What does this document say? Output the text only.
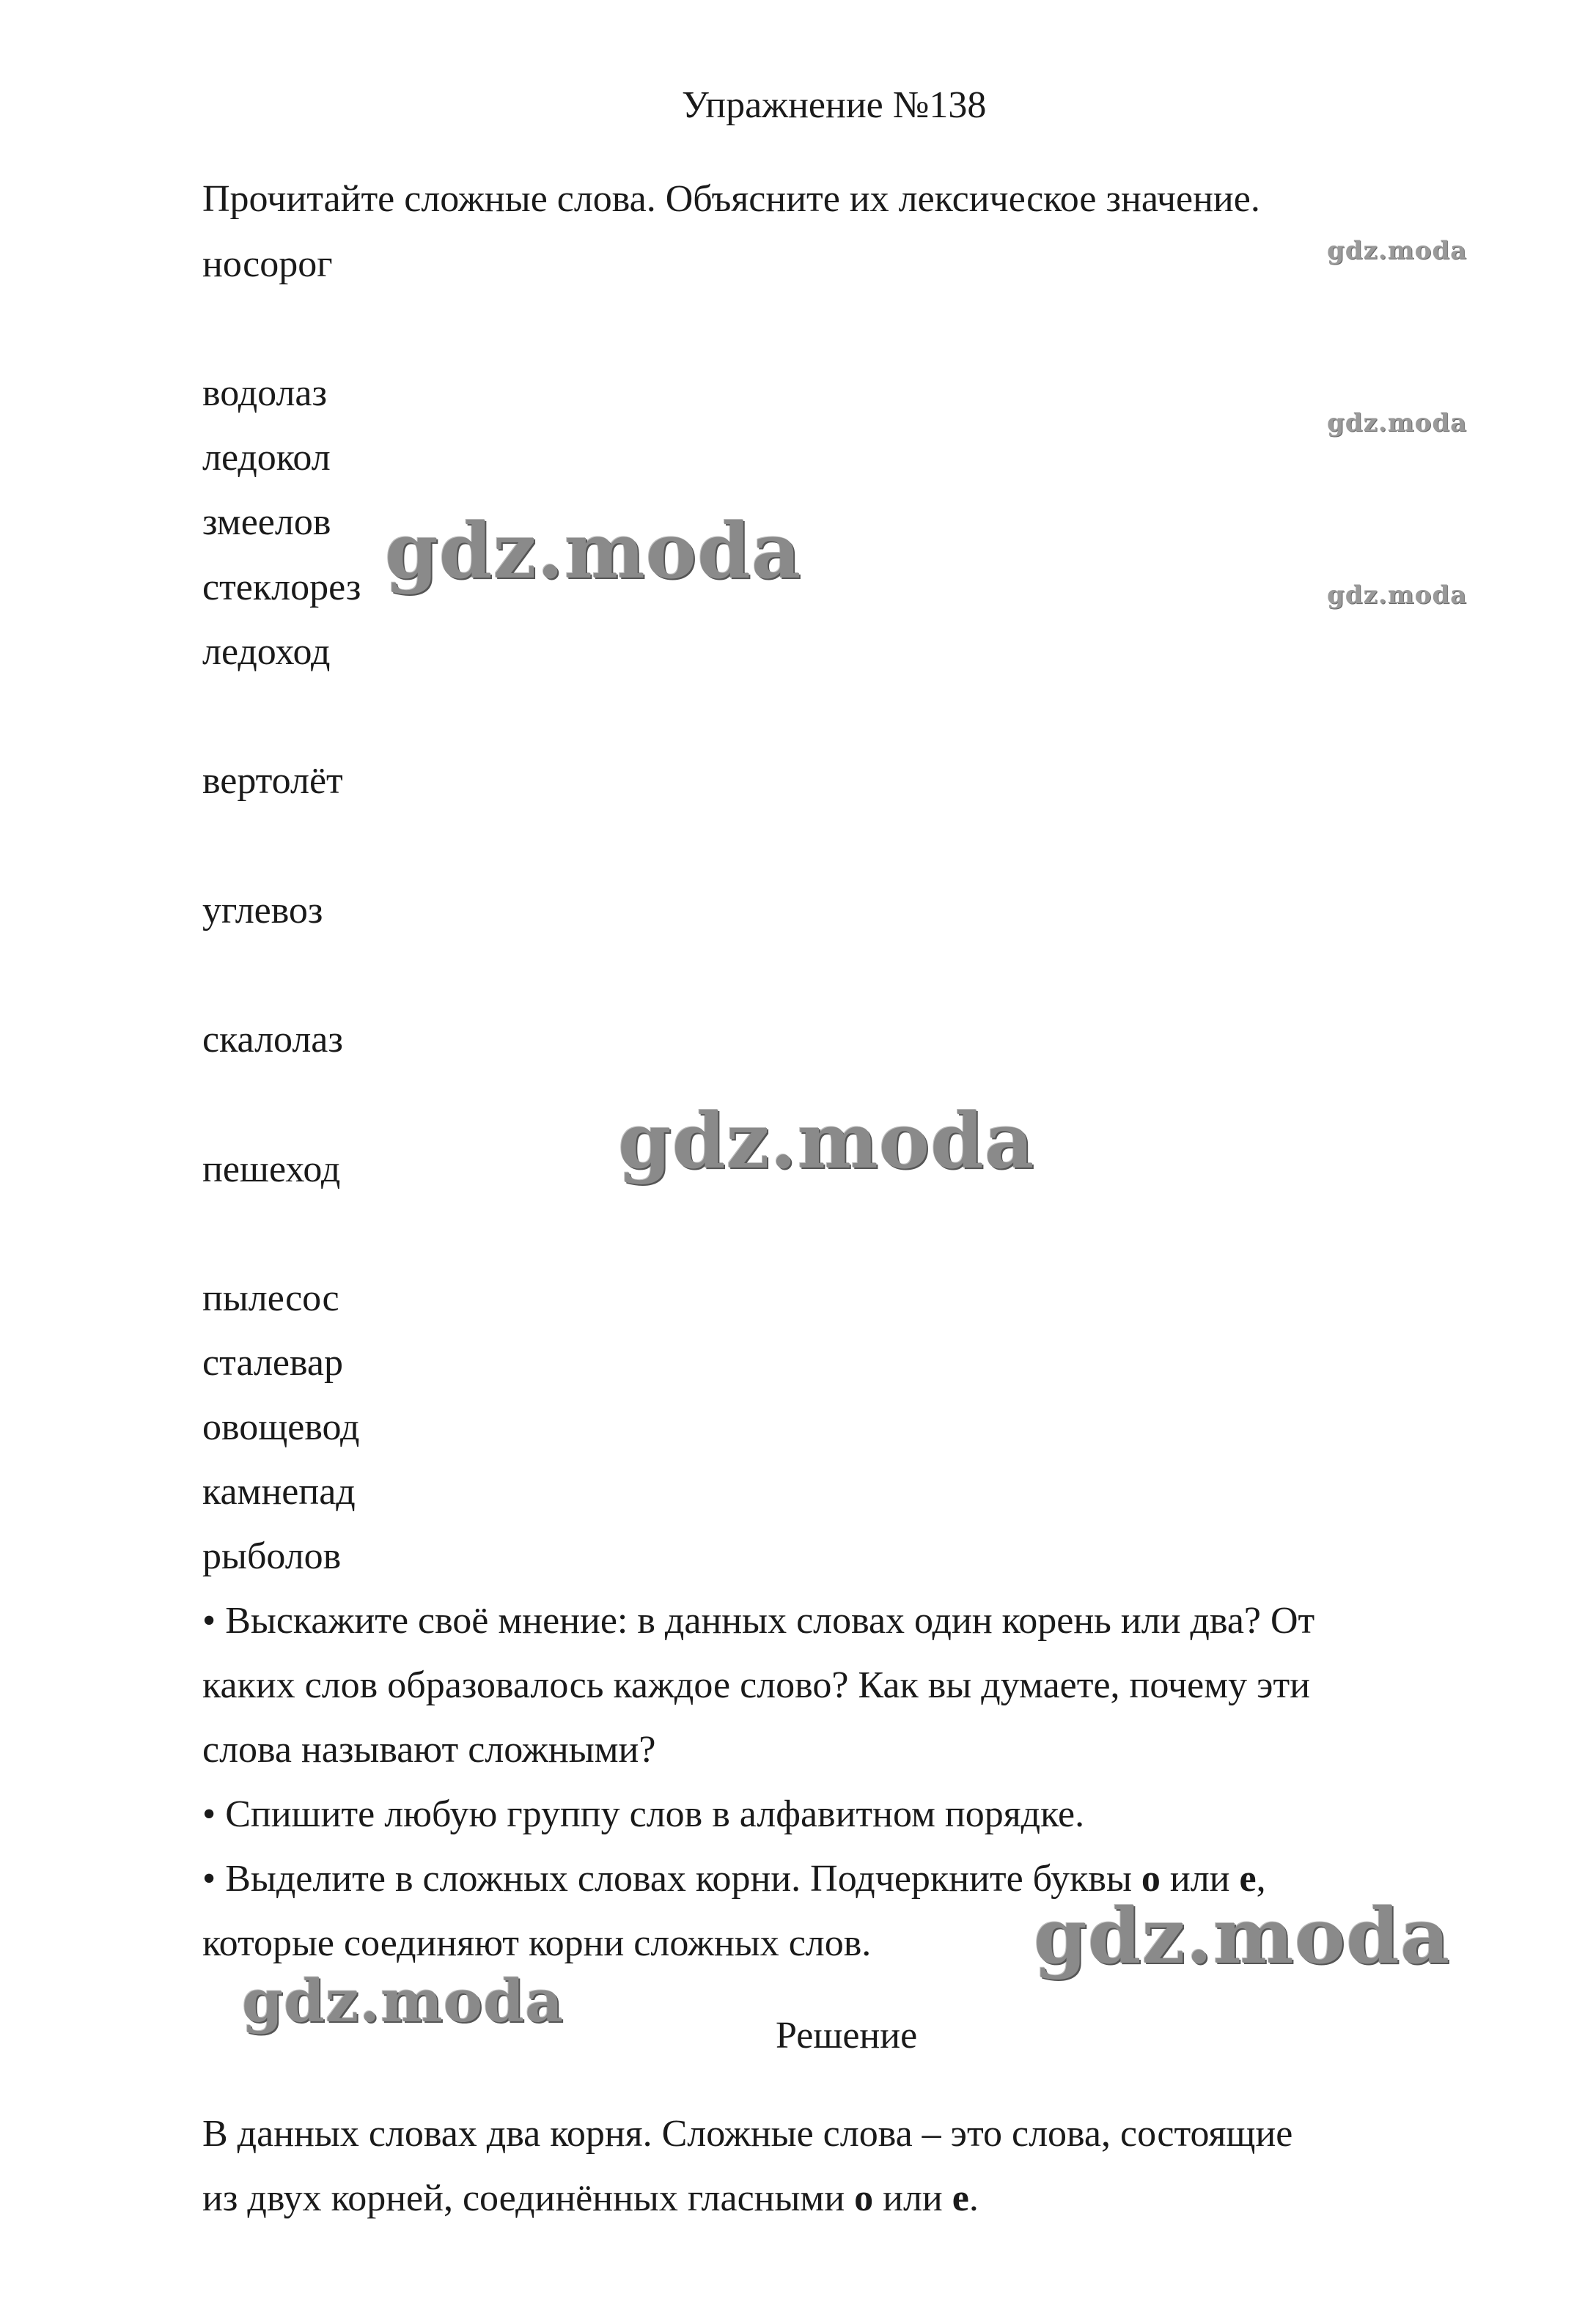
Упражнение №138
Прочитайте сложные слова. Объясните их лексическое значение.
носорог
водолаз
ледокол
змеелов
стеклорез
ледоход
вертолёт
углевоз
скалолаз
пешеход
пылесос
сталевар
овощевод
камнепад
рыболов
• Выскажите своё мнение: в данных словах один корень или два? От
каких слов образовалось каждое слово? Как вы думаете, почему эти
слова называют сложными?
• Спишите любую группу слов в алфавитном порядке.
• Выделите в сложных словах корни. Подчеркните буквы о или е,
которые соединяют корни сложных слов.
Решение
В данных словах два корня. Сложные слова – это слова, состоящие
из двух корней, соединённых гласными о или е.
gdz.moda
gdz.moda
gdz.moda
gdz.moda
gdz.moda
gdz.moda
gdz.moda
